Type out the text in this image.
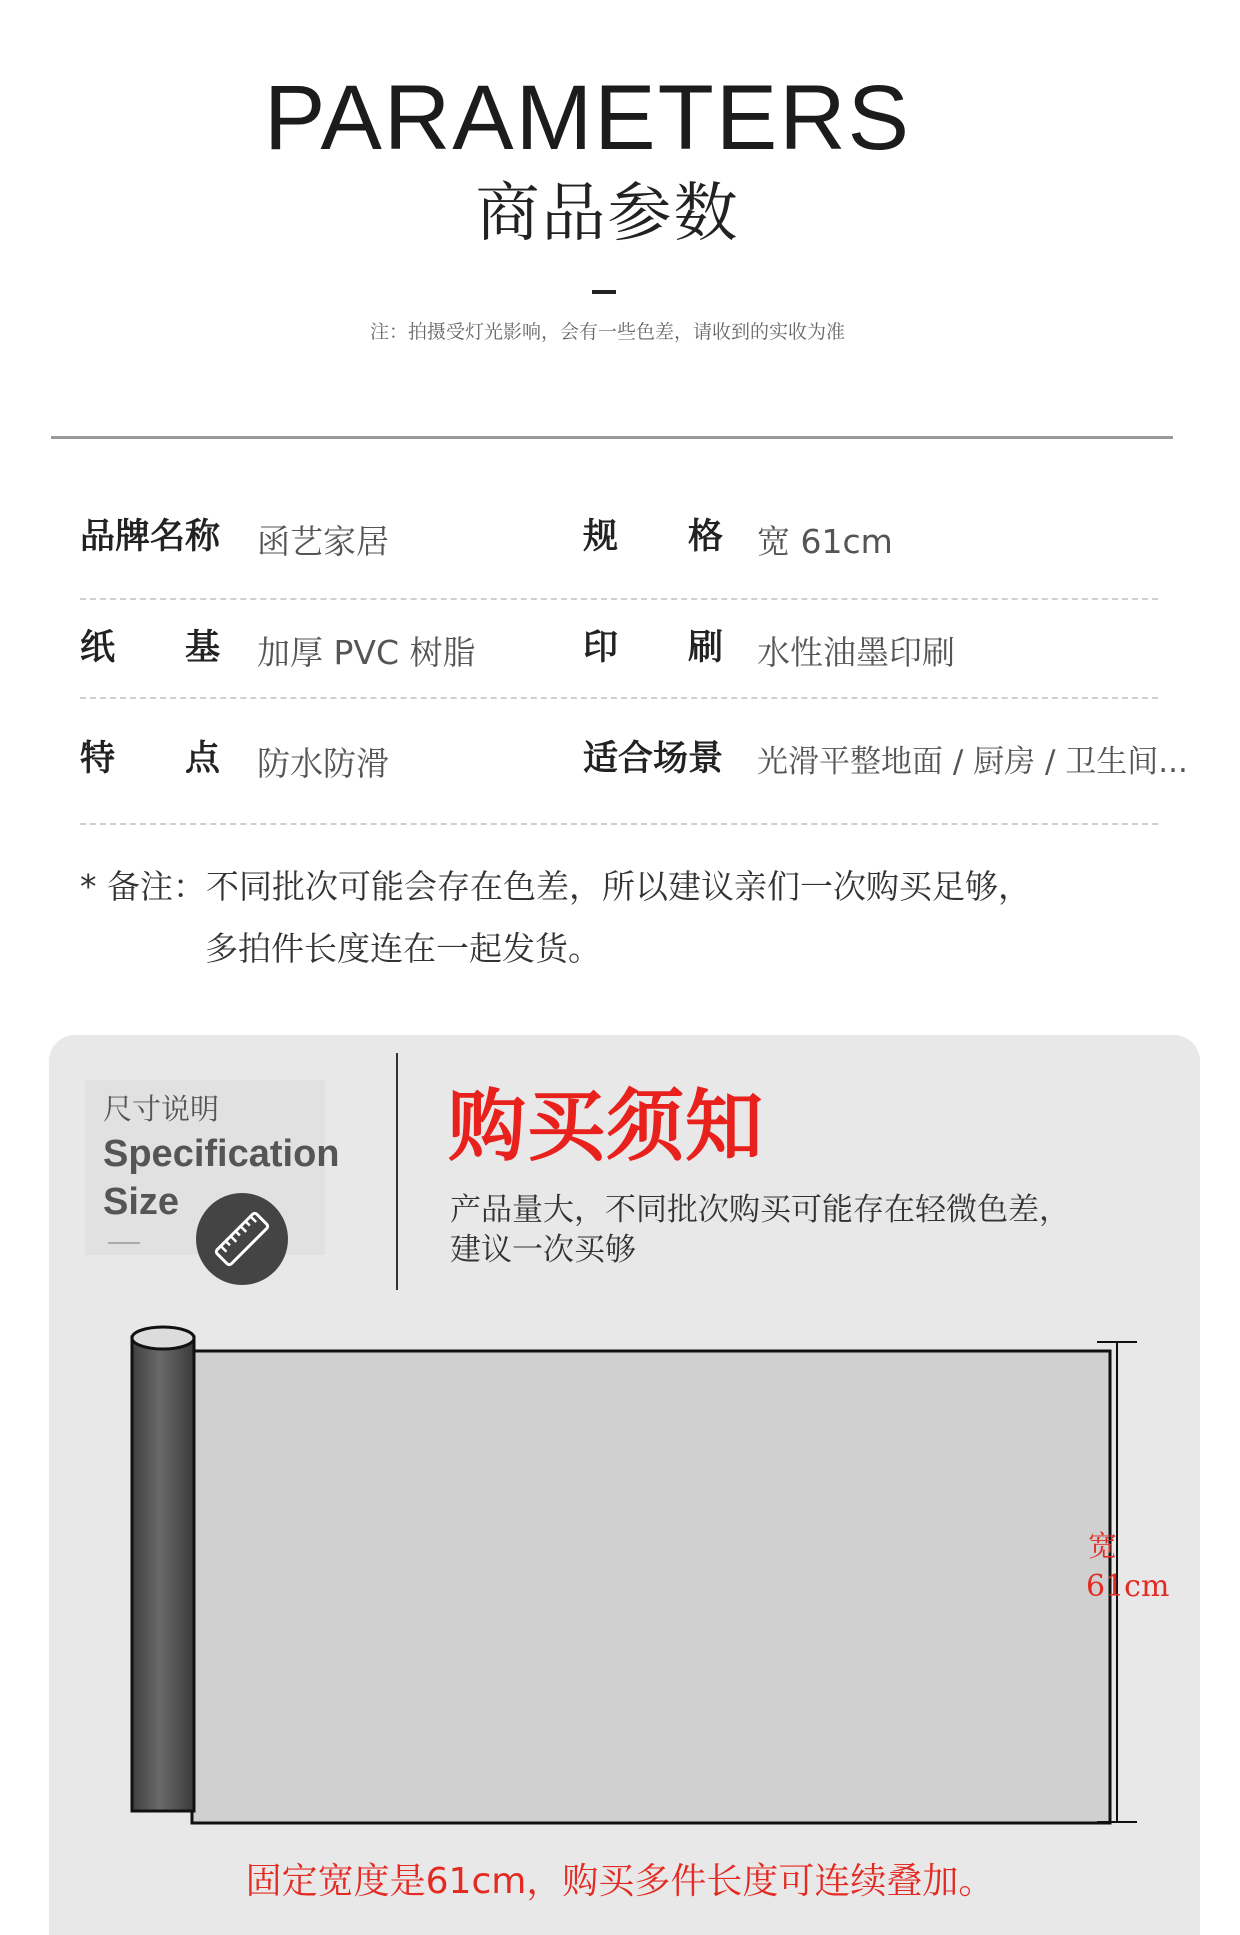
PARAMETERS
商品参数
注：拍摄受灯光影响，会有一些色差，请收到的实收为准
品牌名称 函艺家居	规　　格 宽 61cm
纸　　基 加厚 PVC 树脂	印　　刷 水性油墨印刷
特　　点 防水防滑	适合场景 光滑平整地面 / 厨房 / 卫生间...
* 备注：不同批次可能会存在色差，所以建议亲们一次购买足够，
多拍件长度连在一起发货。
尺寸说明
Specification
Size
购买须知
产品量大，不同批次购买可能存在轻微色差，
建议一次买够
宽
61cm
固定宽度是61cm，购买多件长度可连续叠加。
